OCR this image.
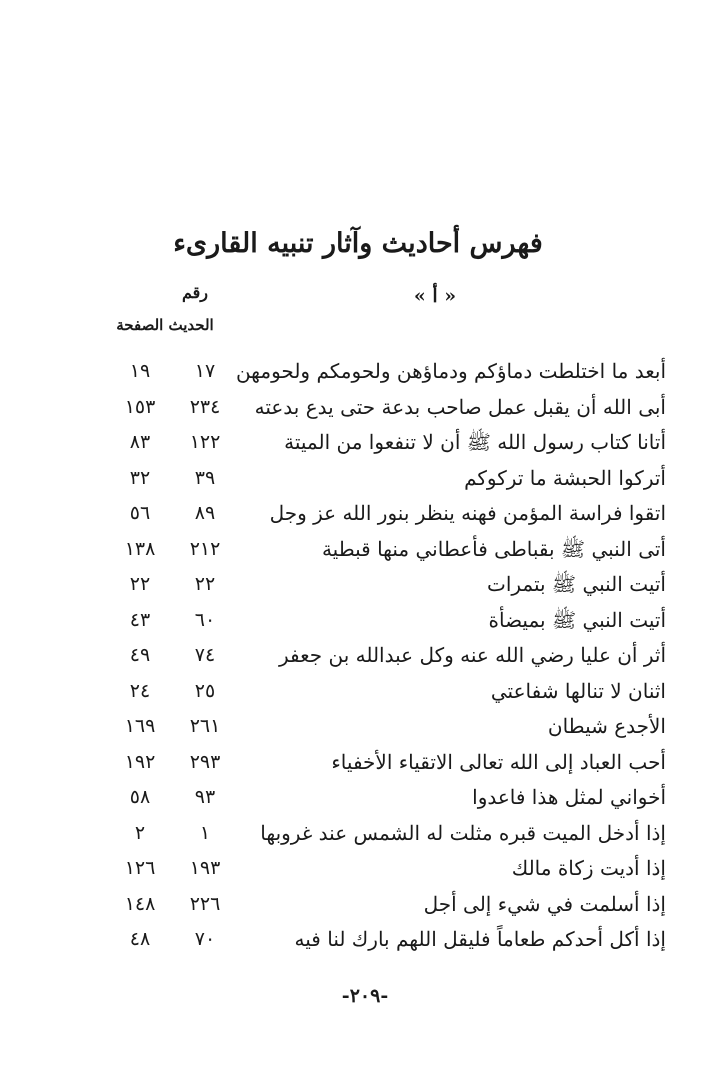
فهرس أحاديث وآثار تنبيه القارىء
« أ »
رقم
الحديث الصفحة
أبعد ما اختلطت دماؤكم ودماؤهن ولحومكم ولحومهن
١٧
١٩
أبى الله أن يقبل عمل صاحب بدعة حتى يدع بدعته
٢٣٤
١٥٣
أتانا كتاب رسول الله ﷺ أن لا تنفعوا من الميتة
١٢٢
٨٣
أتركوا الحبشة ما تركوكم
٣٩
٣٢
اتقوا فراسة المؤمن فهنه ينظر بنور الله عز وجل
٨٩
٥٦
أتى النبي ﷺ بقباطى فأعطاني منها قبطية
٢١٢
١٣٨
أتيت النبي ﷺ بتمرات
٢٢
٢٢
أتيت النبي ﷺ بميضأة
٦٠
٤٣
أثر أن عليا رضي الله عنه وكل عبدالله بن جعفر
٧٤
٤٩
اثنان لا تنالها شفاعتي
٢٥
٢٤
الأجدع شيطان
٢٦١
١٦٩
أحب العباد إلى الله تعالى الاتقياء الأخفياء
٢٩٣
١٩٢
أخواني لمثل هذا فاعدوا
٩٣
٥٨
إذا أدخل الميت قبره مثلت له الشمس عند غروبها
١
٢
إذا أديت زكاة مالك
١٩٣
١٢٦
إذا أسلمت في شيء إلى أجل
٢٢٦
١٤٨
إذا أكل أحدكم طعاماً فليقل اللهم بارك لنا فيه
٧٠
٤٨
-٢٠٩-
